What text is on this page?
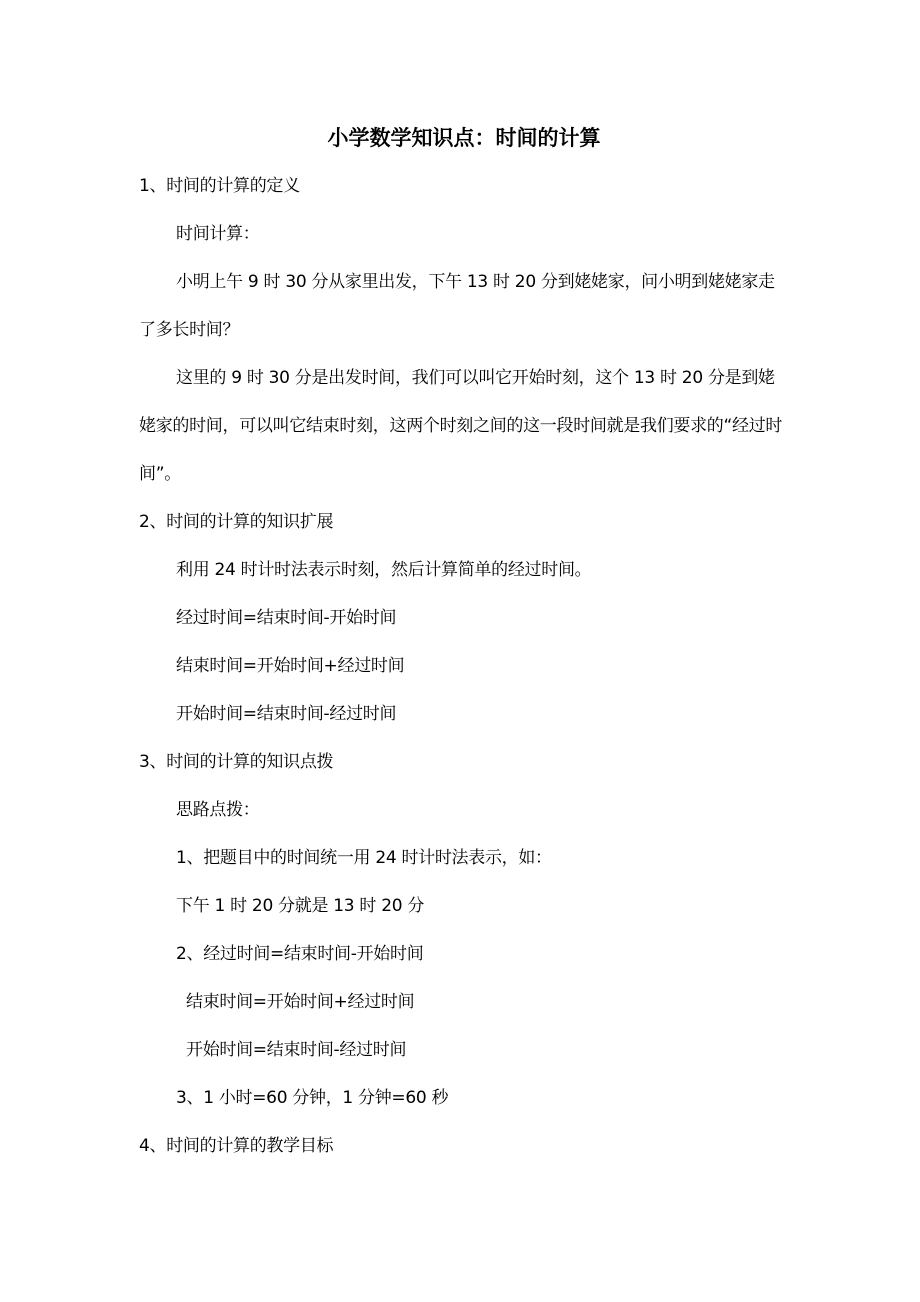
小学数学知识点：时间的计算
1、时间的计算的定义
时间计算：
小明上午 9 时 30 分从家里出发，下午 13 时 20 分到姥姥家，问小明到姥姥家走了多长时间？
这里的 9 时 30 分是出发时间，我们可以叫它开始时刻，这个 13 时 20 分是到姥姥家的时间，可以叫它结束时刻，这两个时刻之间的这一段时间就是我们要求的“经过时间”。
2、时间的计算的知识扩展
利用 24 时计时法表示时刻，然后计算简单的经过时间。
经过时间=结束时间-开始时间
结束时间=开始时间+经过时间
开始时间=结束时间-经过时间
3、时间的计算的知识点拨
思路点拨：
1、把题目中的时间统一用 24 时计时法表示，如：
下午 1 时 20 分就是 13 时 20 分
2、经过时间=结束时间-开始时间
结束时间=开始时间+经过时间
开始时间=结束时间-经过时间
3、1 小时=60 分钟，1 分钟=60 秒
4、时间的计算的教学目标
